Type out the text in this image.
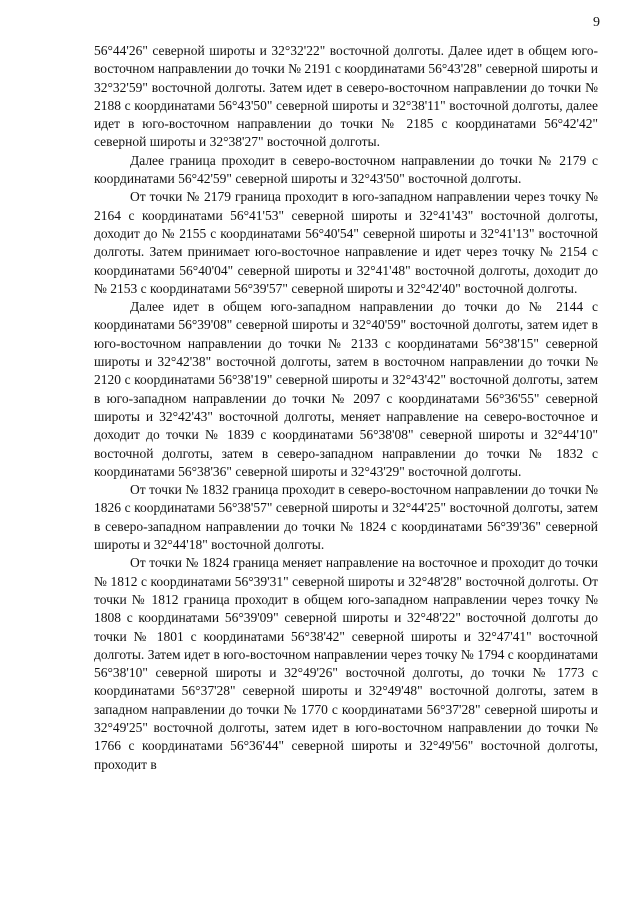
9

56°44'26" северной широты и 32°32'22" восточной долготы. Далее идет в общем юго-восточном направлении до точки № 2191 с координатами 56°43'28" северной широты и 32°32'59" восточной долготы. Затем идет в северо-восточном направлении до точки № 2188 с координатами 56°43'50" северной широты и 32°38'11" восточной долготы, далее идет в юго-восточном направлении до точки № 2185 с координатами 56°42'42" северной широты и 32°38'27" восточной долготы.

Далее граница проходит в северо-восточном направлении до точки № 2179 с координатами 56°42'59" северной широты и 32°43'50" восточной долготы.

От точки № 2179 граница проходит в юго-западном направлении через точку № 2164 с координатами 56°41'53" северной широты и 32°41'43" восточной долготы, доходит до № 2155 с координатами 56°40'54" северной широты и 32°41'13" восточной долготы. Затем принимает юго-восточное направление и идет через точку № 2154 с координатами 56°40'04" северной широты и 32°41'48" восточной долготы, доходит до № 2153 с координатами 56°39'57" северной широты и 32°42'40" восточной долготы.

Далее идет в общем юго-западном направлении до точки до № 2144 с координатами 56°39'08" северной широты и 32°40'59" восточной долготы, затем идет в юго-восточном направлении до точки № 2133 с координатами 56°38'15" северной широты и 32°42'38" восточной долготы, затем в восточном направлении до точки № 2120 с координатами 56°38'19" северной широты и 32°43'42" восточной долготы, затем в юго-западном направлении до точки № 2097 с координатами 56°36'55" северной широты и 32°42'43" восточной долготы, меняет направление на северо-восточное и доходит до точки № 1839 с координатами 56°38'08" северной широты и 32°44'10" восточной долготы, затем в северо-западном направлении до точки № 1832 с координатами 56°38'36" северной широты и 32°43'29" восточной долготы.

От точки № 1832 граница проходит в северо-восточном направлении до точки № 1826 с координатами 56°38'57" северной широты и 32°44'25" восточной долготы, затем в северо-западном направлении до точки № 1824 с координатами 56°39'36" северной широты и 32°44'18" восточной долготы.

От точки № 1824 граница меняет направление на восточное и проходит до точки № 1812 с координатами 56°39'31" северной широты и 32°48'28" восточной долготы. От точки № 1812 граница проходит в общем юго-западном направлении через точку № 1808 с координатами 56°39'09" северной широты и 32°48'22" восточной долготы до точки № 1801 с координатами 56°38'42" северной широты и 32°47'41" восточной долготы. Затем идет в юго-восточном направлении через точку № 1794 с координатами 56°38'10" северной широты и 32°49'26" восточной долготы, до точки № 1773 с координатами 56°37'28" северной широты и 32°49'48" восточной долготы, затем в западном направлении до точки № 1770 с координатами 56°37'28" северной широты и 32°49'25" восточной долготы, затем идет в юго-восточном направлении до точки № 1766 с координатами 56°36'44" северной широты и 32°49'56" восточной долготы, проходит в
